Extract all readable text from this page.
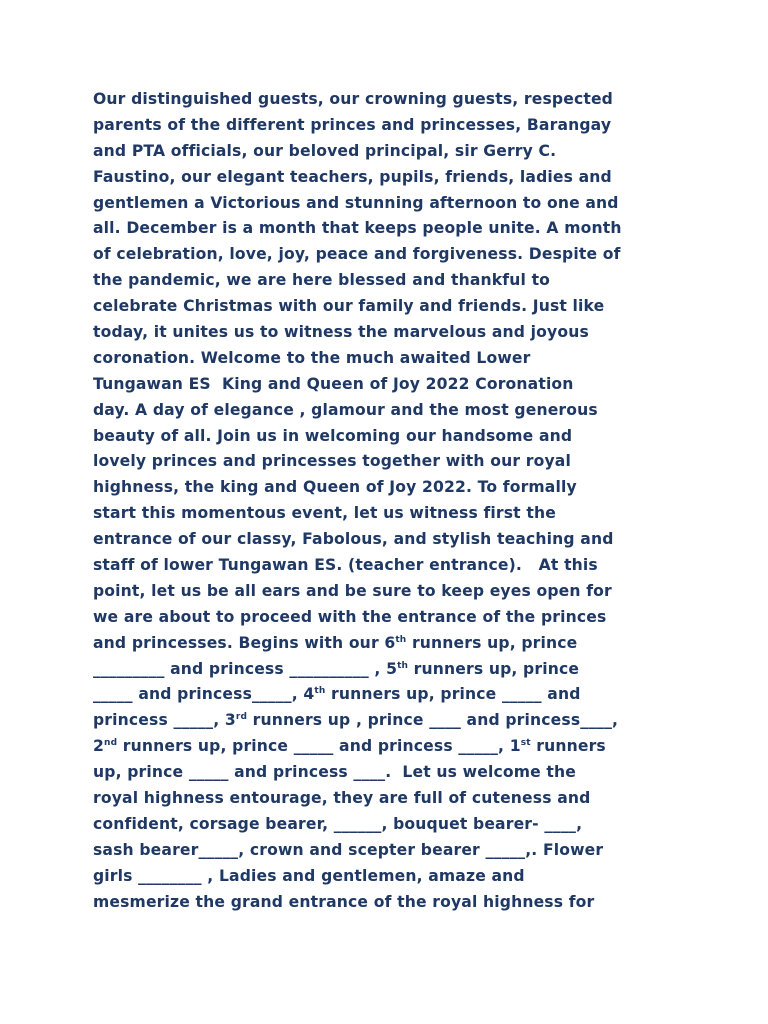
Our distinguished guests, our crowning guests, respected
parents of the different princes and princesses, Barangay
and PTA officials, our beloved principal, sir Gerry C.
Faustino, our elegant teachers, pupils, friends, ladies and
gentlemen a Victorious and stunning afternoon to one and
all. December is a month that keeps people unite. A month
of celebration, love, joy, peace and forgiveness. Despite of
the pandemic, we are here blessed and thankful to
celebrate Christmas with our family and friends. Just like
today, it unites us to witness the marvelous and joyous
coronation. Welcome to the much awaited Lower
Tungawan ES  King and Queen of Joy 2022 Coronation
day. A day of elegance , glamour and the most generous
beauty of all. Join us in welcoming our handsome and
lovely princes and princesses together with our royal
highness, the king and Queen of Joy 2022. To formally
start this momentous event, let us witness first the
entrance of our classy, Fabolous, and stylish teaching and
staff of lower Tungawan ES. (teacher entrance).   At this
point, let us be all ears and be sure to keep eyes open for
we are about to proceed with the entrance of the princes
and princesses. Begins with our 6th runners up, prince
_________ and princess __________ , 5th runners up, prince
_____ and princess_____, 4th runners up, prince _____ and
princess _____, 3rd runners up , prince ____ and princess____,
2nd runners up, prince _____ and princess _____, 1st runners
up, prince _____ and princess ____.  Let us welcome the
royal highness entourage, they are full of cuteness and
confident, corsage bearer, ______, bouquet bearer- ____,
sash bearer_____, crown and scepter bearer _____,. Flower
girls ________ , Ladies and gentlemen, amaze and
mesmerize the grand entrance of the royal highness for
